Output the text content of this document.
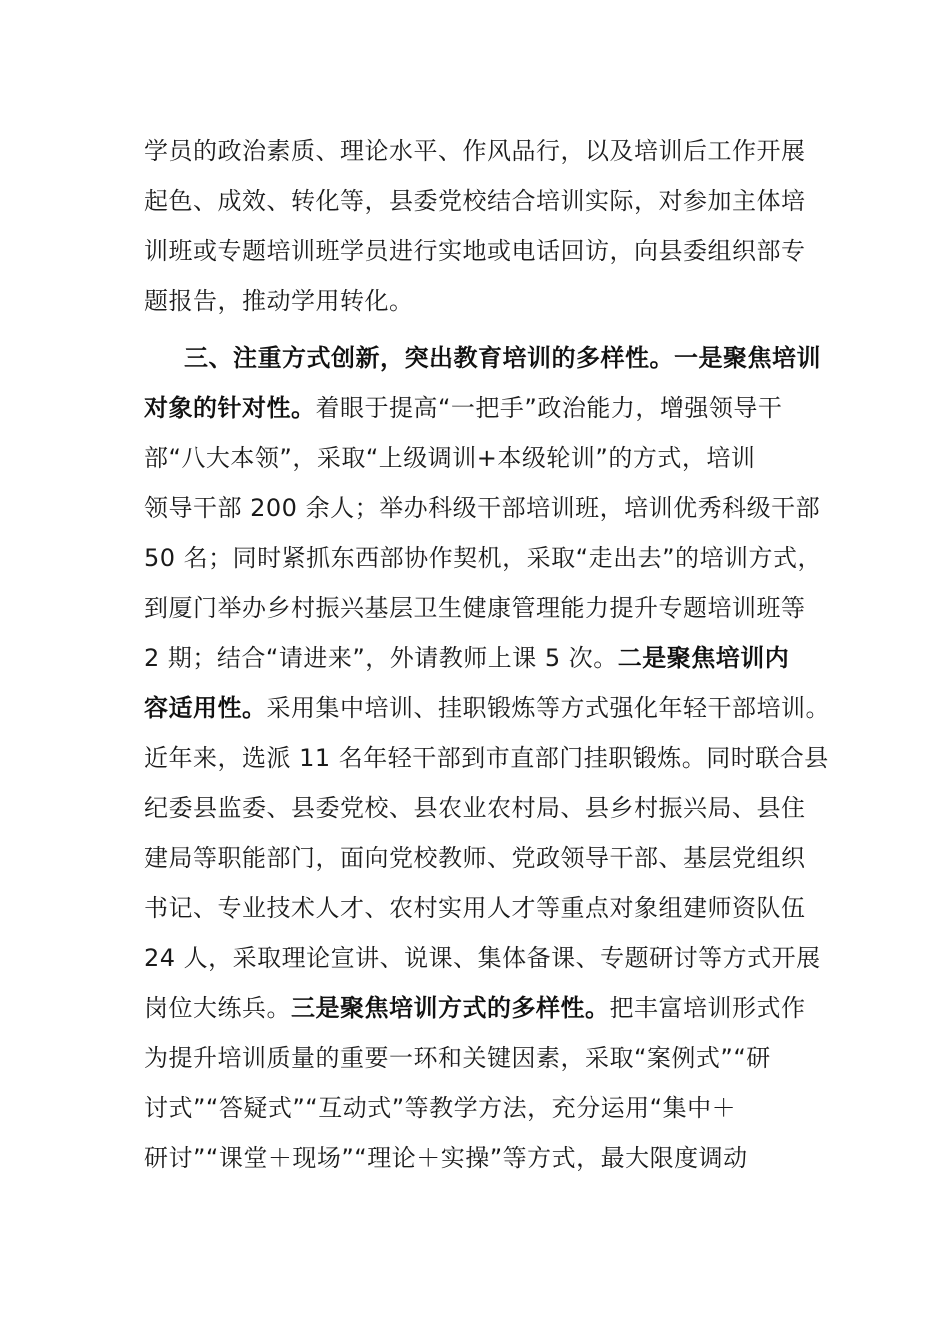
学员的政治素质、理论水平、作风品行，以及培训后工作开展
起色、成效、转化等，县委党校结合培训实际，对参加主体培
训班或专题培训班学员进行实地或电话回访，向县委组织部专
题报告，推动学用转化。
三、注重方式创新，突出教育培训的多样性。一是聚焦培训
对象的针对性。着眼于提高“一把手”政治能力，增强领导干
部“八大本领”，采取“上级调训+本级轮训”的方式，培训
领导干部 200 余人；举办科级干部培训班，培训优秀科级干部
50 名；同时紧抓东西部协作契机，采取“走出去”的培训方式，
到厦门举办乡村振兴基层卫生健康管理能力提升专题培训班等
2 期；结合“请进来”，外请教师上课 5 次。二是聚焦培训内
容适用性。采用集中培训、挂职锻炼等方式强化年轻干部培训。
近年来，选派 11 名年轻干部到市直部门挂职锻炼。同时联合县
纪委县监委、县委党校、县农业农村局、县乡村振兴局、县住
建局等职能部门，面向党校教师、党政领导干部、基层党组织
书记、专业技术人才、农村实用人才等重点对象组建师资队伍
24 人，采取理论宣讲、说课、集体备课、专题研讨等方式开展
岗位大练兵。三是聚焦培训方式的多样性。把丰富培训形式作
为提升培训质量的重要一环和关键因素，采取“案例式”“研
讨式”“答疑式”“互动式”等教学方法，充分运用“集中＋
研讨”“课堂＋现场”“理论＋实操”等方式，最大限度调动
